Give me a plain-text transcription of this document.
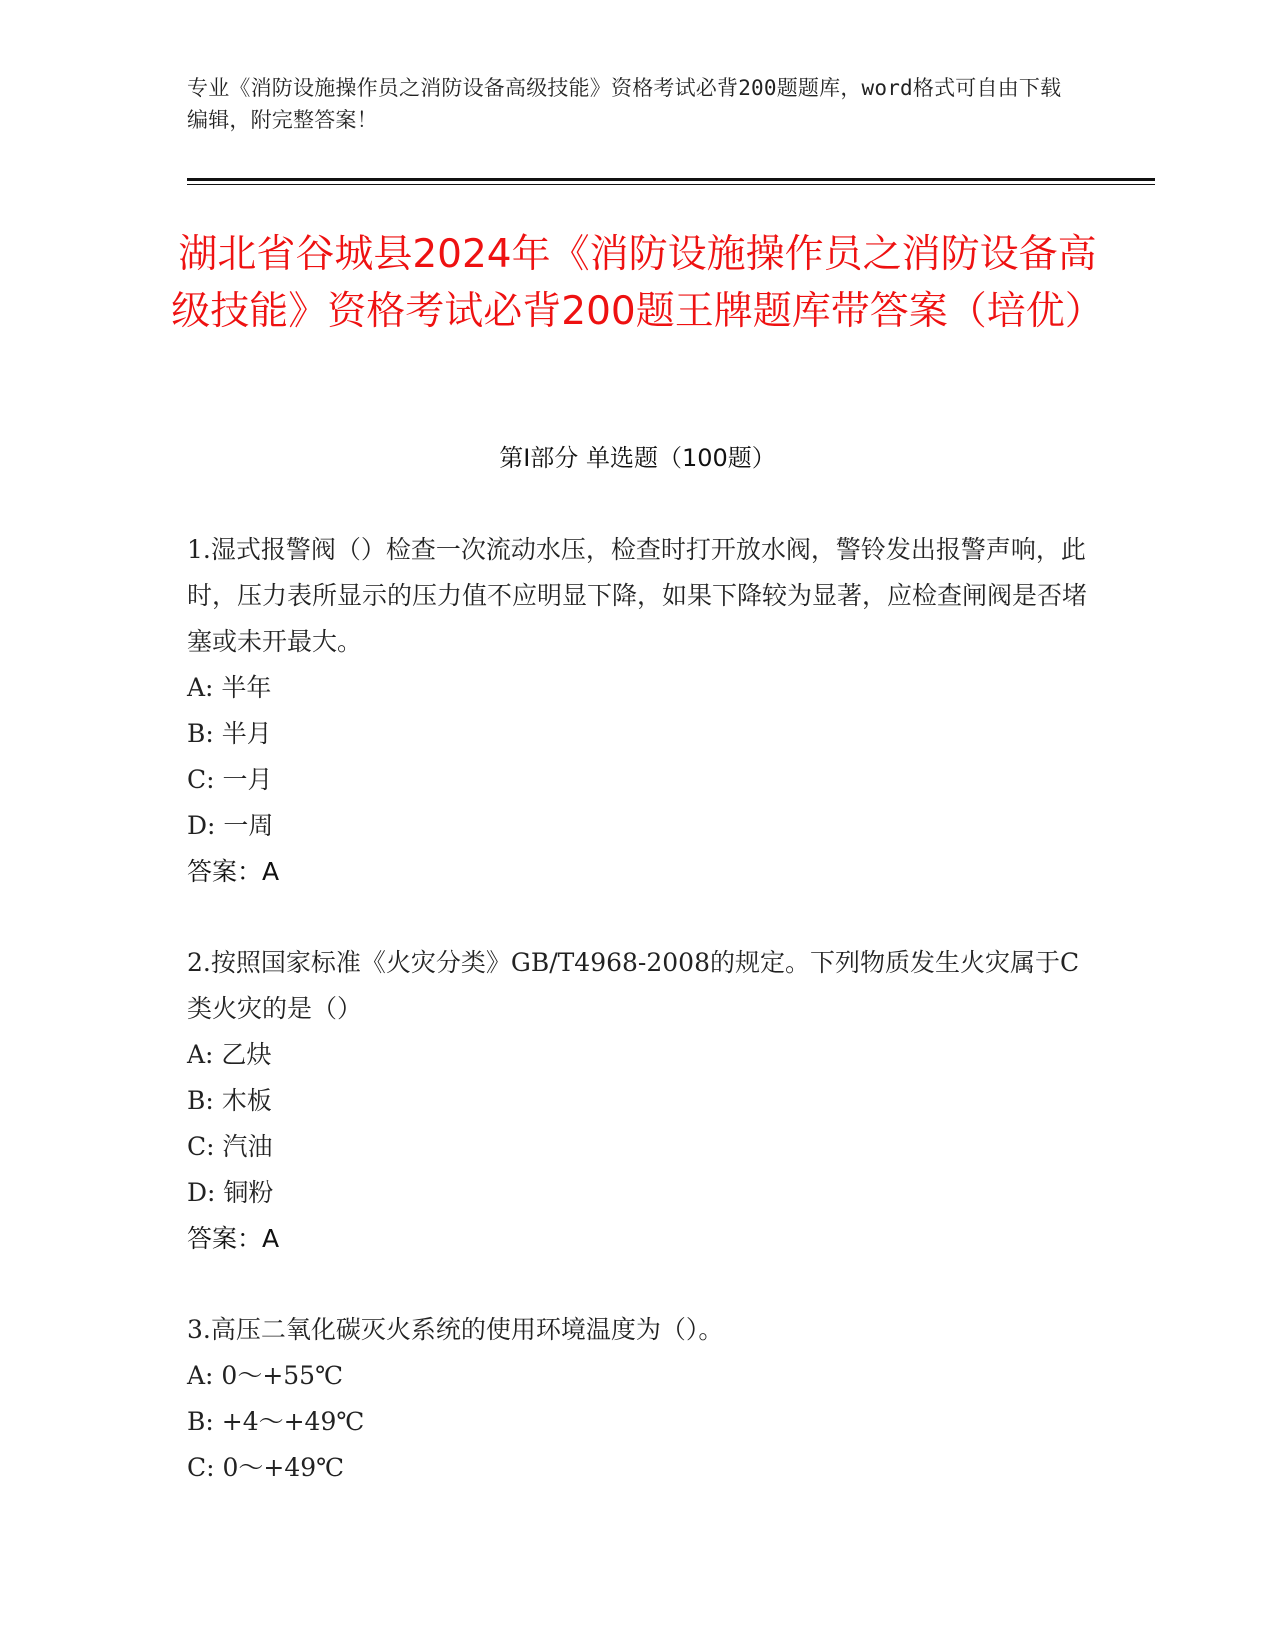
专业《消防设施操作员之消防设备高级技能》资格考试必背200题题库，word格式可自由下载编辑，附完整答案！
湖北省谷城县2024年《消防设施操作员之消防设备高级技能》资格考试必背200题王牌题库带答案（培优）
第I部分 单选题（100题）

1.湿式报警阀（）检查一次流动水压，检查时打开放水阀，警铃发出报警声响，此时，压力表所显示的压力值不应明显下降，如果下降较为显著，应检查闸阀是否堵塞或未开最大。

A: 半年

B: 半月

C: 一月

D: 一周

答案：A

2.按照国家标准《火灾分类》GB/T4968-2008的规定。下列物质发生火灾属于C类火灾的是（）

A: 乙炔

B: 木板

C: 汽油

D: 铜粉

答案：A

3.高压二氧化碳灭火系统的使用环境温度为（）。

A: 0～+55℃

B: +4～+49℃

C: 0～+49℃
